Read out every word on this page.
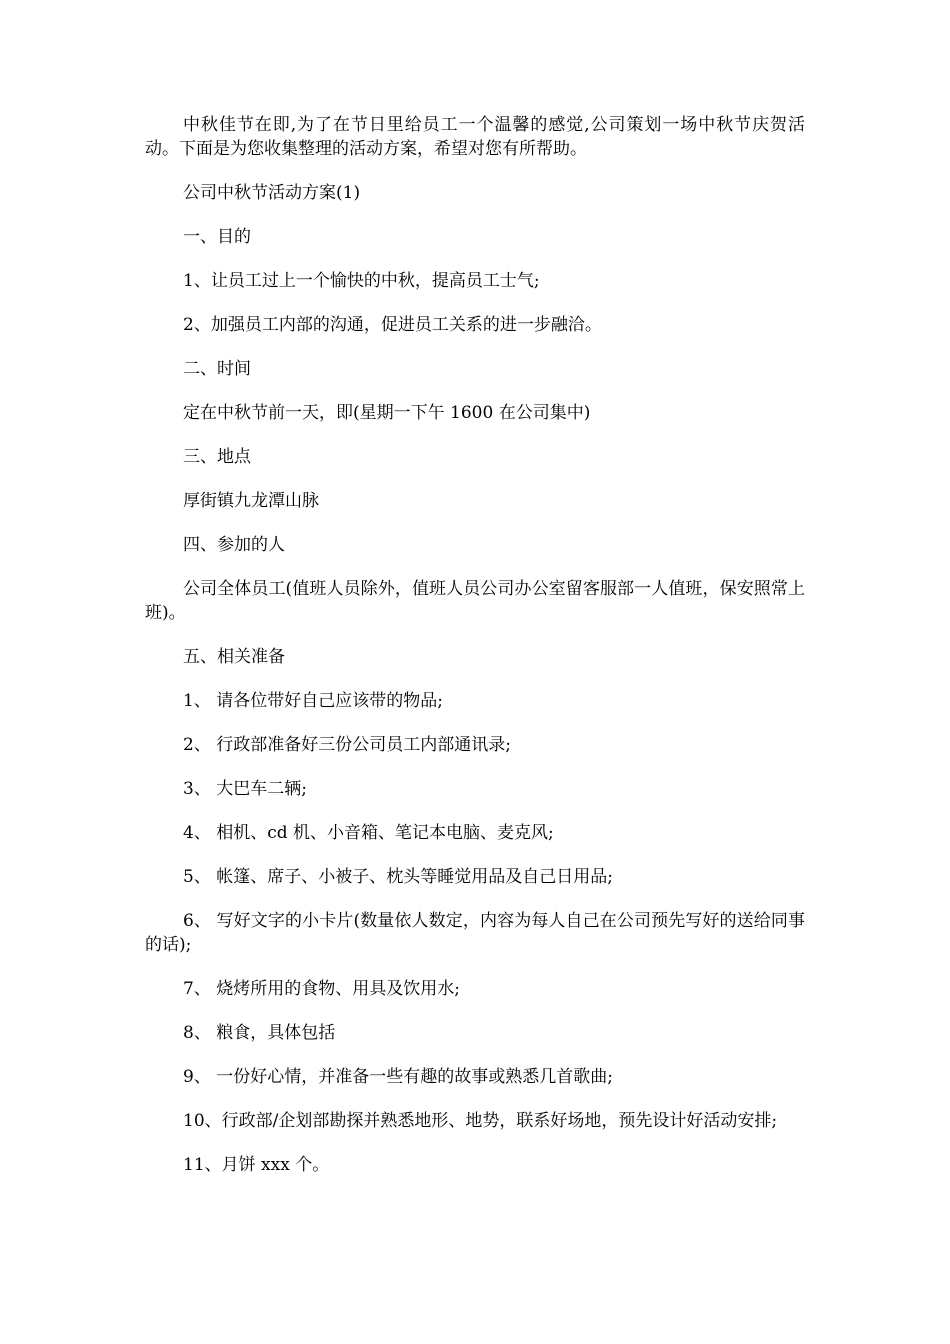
中秋佳节在即,为了在节日里给员工一个温馨的感觉,公司策划一场中秋节庆贺活动。下面是为您收集整理的活动方案，希望对您有所帮助。

公司中秋节活动方案(1)

一、目的

1、让员工过上一个愉快的中秋，提高员工士气;

2、加强员工内部的沟通，促进员工关系的进一步融洽。

二、时间

定在中秋节前一天，即(星期一下午 1600 在公司集中)

三、地点

厚街镇九龙潭山脉

四、参加的人

公司全体员工(值班人员除外，值班人员公司办公室留客服部一人值班，保安照常上班)。

五、相关准备

1、 请各位带好自己应该带的物品;

2、 行政部准备好三份公司员工内部通讯录;

3、 大巴车二辆;

4、 相机、cd 机、小音箱、笔记本电脑、麦克风;

5、 帐篷、席子、小被子、枕头等睡觉用品及自己日用品;

6、 写好文字的小卡片(数量依人数定，内容为每人自己在公司预先写好的送给同事的话);

7、 烧烤所用的食物、用具及饮用水;

8、 粮食，具体包括

9、 一份好心情，并准备一些有趣的故事或熟悉几首歌曲;

10、行政部/企划部勘探并熟悉地形、地势，联系好场地，预先设计好活动安排;

11、月饼 xxx 个。
